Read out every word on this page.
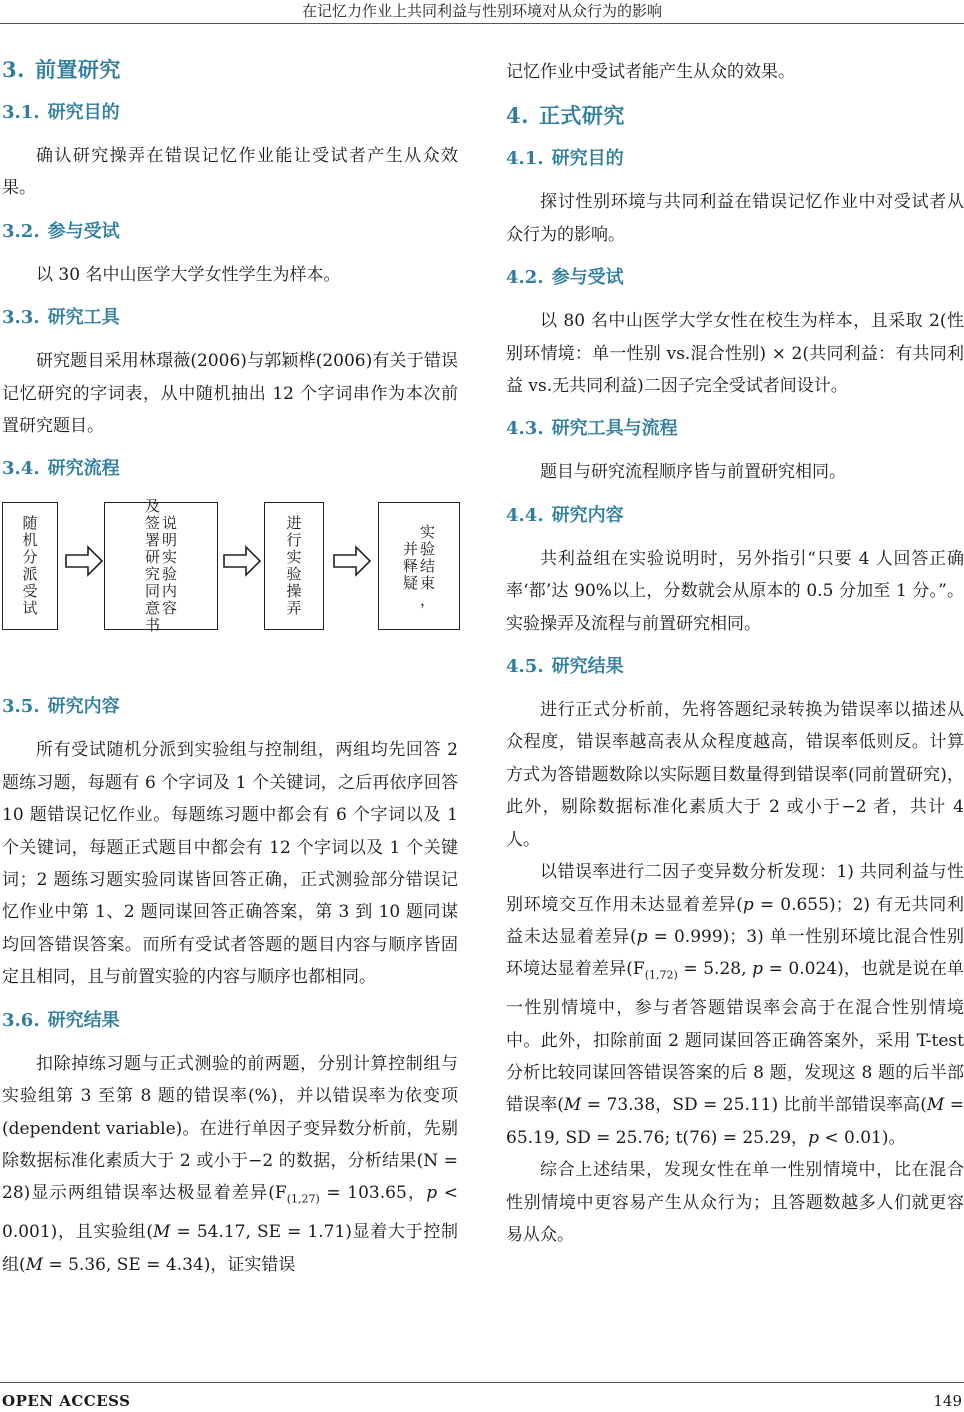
在记忆力作业上共同利益与性别环境对从众行为的影响
3. 前置研究
3.1. 研究目的

确认研究操弄在错误记忆作业能让受试者产生从众效果。

3.2. 参与受试

以 30 名中山医学大学女性学生为样本。

3.3. 研究工具

研究题目采用林璟薇(2006)与郭颖桦(2006)有关于错误记忆研究的字词表，从中随机抽出 12 个字词串作为本次前置研究题目。

3.4. 研究流程
随
机
分
派
受
试
说
明
实
验
内
容
及
签
署
研
究
同
意
书
进
行
实
验
操
弄
实
验
结
束
，
并
释
疑
3.5. 研究内容

所有受试随机分派到实验组与控制组，两组均先回答 2 题练习题，每题有 6 个字词及 1 个关键词，之后再依序回答 10 题错误记忆作业。每题练习题中都会有 6 个字词以及 1 个关键词，每题正式题目中都会有 12 个字词以及 1 个关键词；2 题练习题实验同谋皆回答正确，正式测验部分错误记忆作业中第 1、2 题同谋回答正确答案，第 3 到 10 题同谋均回答错误答案。而所有受试者答题的题目内容与顺序皆固定且相同，且与前置实验的内容与顺序也都相同。

3.6. 研究结果

扣除掉练习题与正式测验的前两题，分别计算控制组与实验组第 3 至第 8 题的错误率(%)，并以错误率为依变项(dependent variable)。在进行单因子变异数分析前，先剔除数据标准化素质大于 2 或小于−2 的数据，分析结果(N = 28)显示两组错误率达极显着差异($F_{(1,27)} = 103.65$，p < 0.001)，且实验组(M = 54.17, SE = 1.71)显着大于控制组(M = 5.36, SE = 4.34)，证实错误

记忆作业中受试者能产生从众的效果。

4. 正式研究
4.1. 研究目的

探讨性别环境与共同利益在错误记忆作业中对受试者从众行为的影响。

4.2. 参与受试

以 80 名中山医学大学女性在校生为样本，且采取 2(性别环情境：单一性别 vs.混合性别) × 2(共同利益：有共同利益 vs.无共同利益)二因子完全受试者间设计。

4.3. 研究工具与流程

题目与研究流程顺序皆与前置研究相同。

4.4. 研究内容

共利益组在实验说明时，另外指引“只要 4 人回答正确率‘都’达 90%以上，分数就会从原本的 0.5 分加至 1 分。”。实验操弄及流程与前置研究相同。

4.5. 研究结果

进行正式分析前，先将答题纪录转换为错误率以描述从众程度，错误率越高表从众程度越高，错误率低则反。计算方式为答错题数除以实际题目数量得到错误率(同前置研究)，此外，剔除数据标准化素质大于 2 或小于−2 者，共计 4 人。

以错误率进行二因子变异数分析发现：1) 共同利益与性别环境交互作用未达显着差异(p = 0.655)；2) 有无共同利益未达显着差异(p = 0.999)；3) 单一性别环境比混合性别环境达显着差异($F_{(1,72)} = 5.28$, p = 0.024)，也就是说在单一性别情境中，参与者答题错误率会高于在混合性别情境中。此外，扣除前面 2 题同谋回答正确答案外，采用 T-test 分析比较同谋回答错误答案的后 8 题，发现这 8 题的后半部错误率(M = 73.38，SD = 25.11) 比前半部错误率高(M = 65.19, SD = 25.76; t(76) = 25.29，p < 0.01)。

综合上述结果，发现女性在单一性别情境中，比在混合性别情境中更容易产生从众行为；且答题数越多人们就更容易从众。

OPEN ACCESS	149
